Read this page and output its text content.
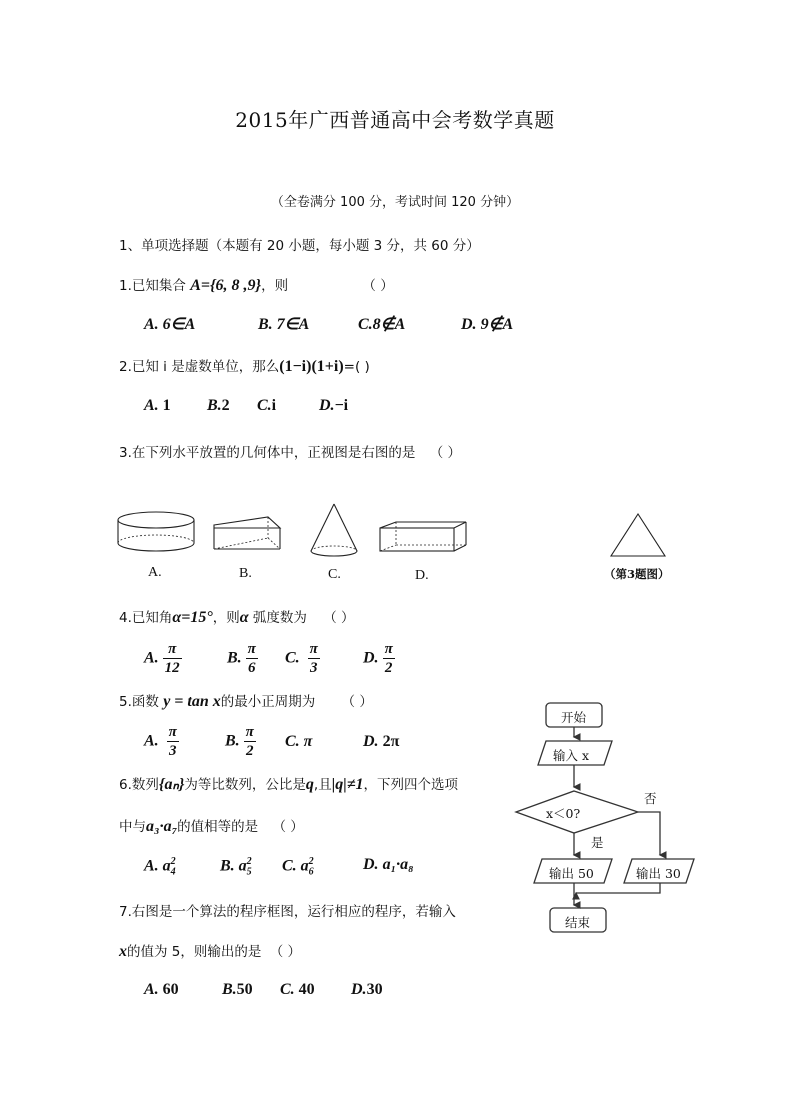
2015年广西普通高中会考数学真题
（全卷满分 100 分，考试时间 120 分钟）
1、单项选择题（本题有 20 小题，每小题 3 分，共 60 分）
1.已知集合 A={6, 8 ,9}，则	（ ）
A. 6∈A	B. 7∈A	C.8∉A	D. 9∉A
2.已知 i 是虚数单位，那么(1−i)(1+i)=( )
A. 1 B.2 C.i	D.−i
3.在下列水平放置的几何体中，正视图是右图的是 （ ）
A.	B.	C.	D.	（第3题图）
4.已知角α=15°，则α 弧度数为 （ ）
A. $\frac{\pi}{12}$	B. $\frac{\pi}{6} C$. $\frac{\pi}{3}$	D. $\frac{\pi}{2}$
5.函数 y = tan x的最小正周期为 （ ）
A. $\frac{\pi}{3}$	B. $\frac{\pi}{2} C$. π	D. 2π
6.数列{aₙ}为等比数列，公比是q,且|q|≠1，下列四个选项
中与a₃·a₇的值相等的是 （ ）
A. $a_4^2$	B. $a_5^2$ C. $a_6^2$	D. a₁·a₈
7.右图是一个算法的程序框图，运行相应的程序，若输入
x的值为 5，则输出的是 （ ）
A. 60	B.50 C. 40 D.30
开始
输入 x
x＜0?
否
是
输出 50	输出 30
结束
